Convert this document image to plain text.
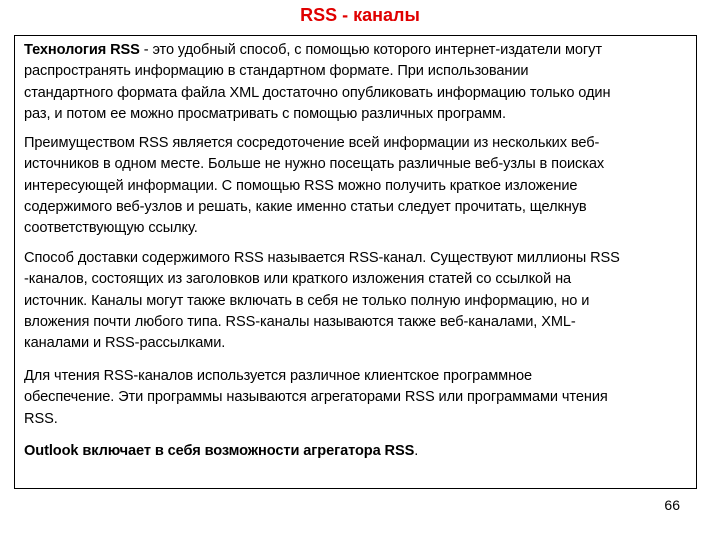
RSS - каналы

Технология RSS - это удобный способ, с помощью которого интернет-издатели могут
распространять информацию в стандартном формате. При использовании
стандартного формата файла XML достаточно опубликовать информацию только один
раз, и потом ее можно просматривать с помощью различных программ.

Преимуществом RSS является сосредоточение всей информации из нескольких веб-
источников в одном месте. Больше не нужно посещать различные веб-узлы в поисках
интересующей информации. С помощью RSS можно получить краткое изложение
содержимого веб-узлов и решать, какие именно статьи следует прочитать, щелкнув
соответствующую ссылку.

Способ доставки содержимого RSS называется RSS-канал. Существуют миллионы RSS
-каналов, состоящих из заголовков или краткого изложения статей со ссылкой на
источник. Каналы могут также включать в себя не только полную информацию, но и
вложения почти любого типа. RSS-каналы называются также веб-каналами, XML-
каналами и RSS-рассылками.

Для чтения RSS-каналов используется различное клиентское программное
обеспечение. Эти программы называются агрегаторами RSS или программами чтения
RSS.

Outlook включает в себя возможности агрегатора RSS.

66
